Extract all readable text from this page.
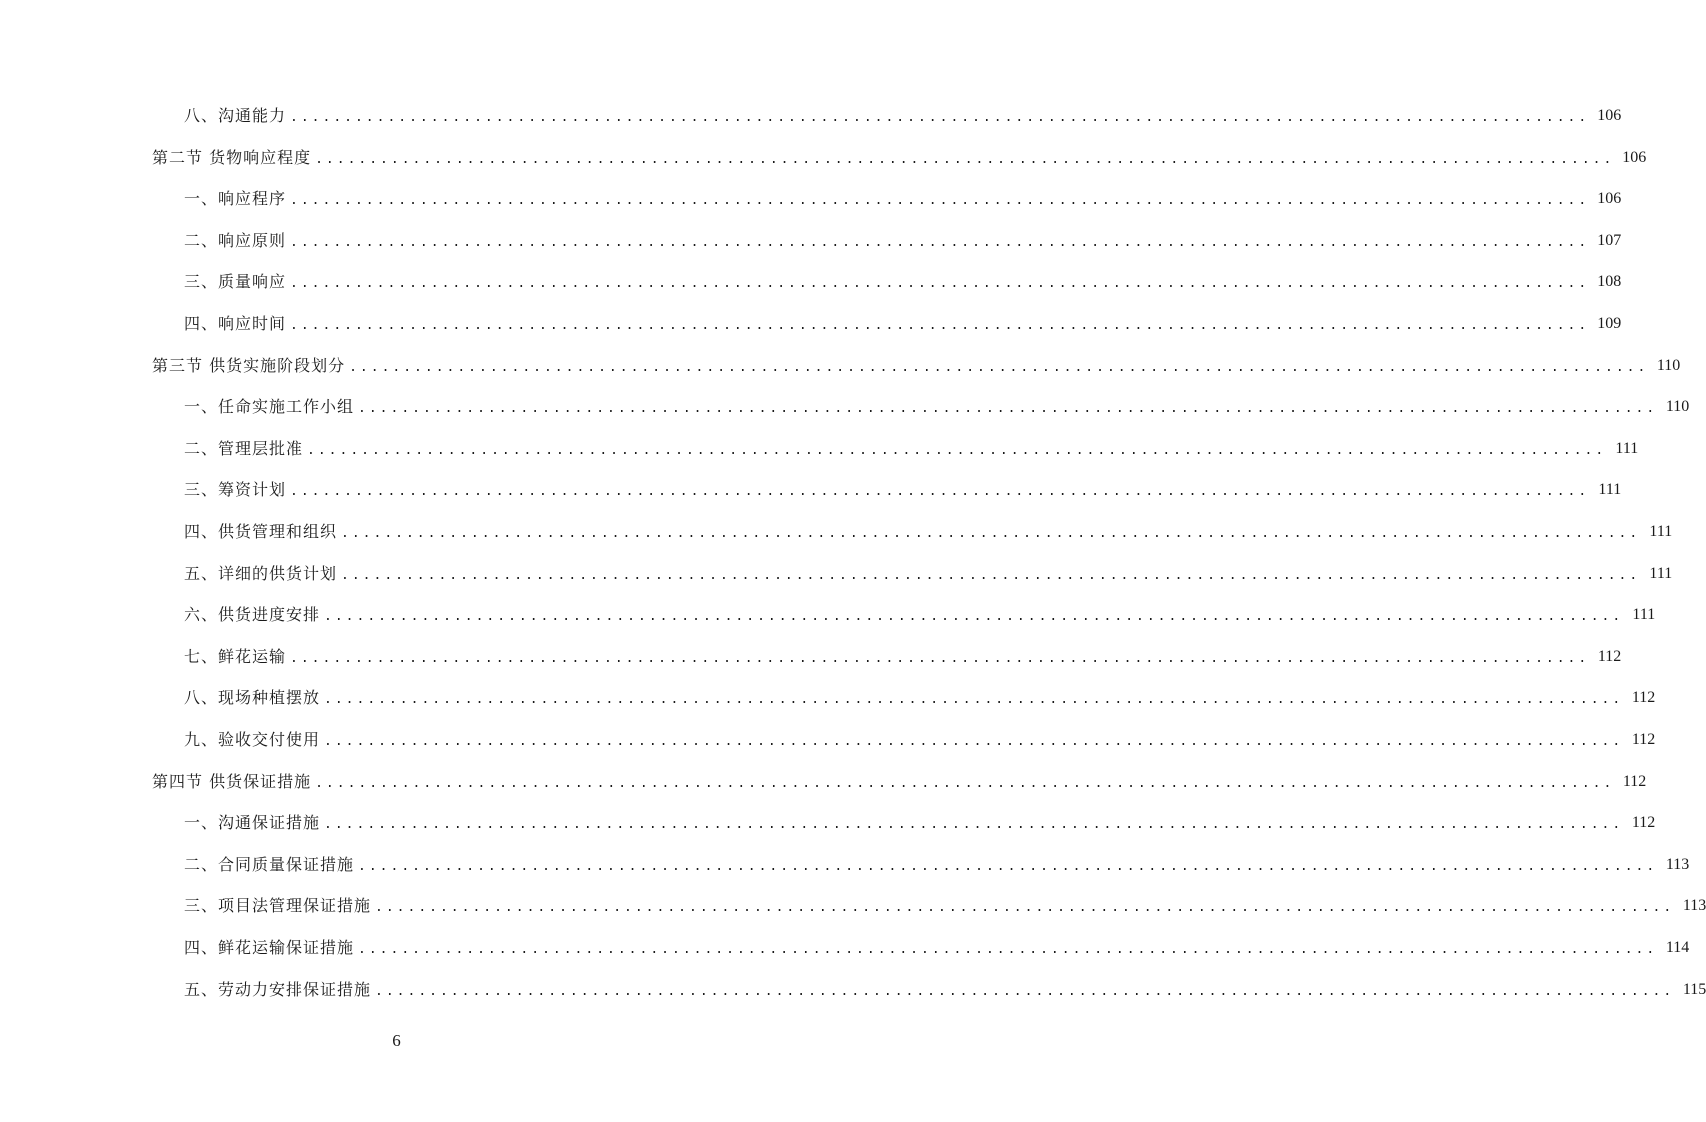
八、沟通能力 ........................................................................................................................ 106
第二节 货物响应程度 ........................................................................................................................ 106
一、响应程序 ........................................................................................................................ 106
二、响应原则 ........................................................................................................................ 107
三、质量响应 ........................................................................................................................ 108
四、响应时间 ........................................................................................................................ 109
第三节 供货实施阶段划分 ........................................................................................................................ 110
一、任命实施工作小组 ........................................................................................................................ 110
二、管理层批准 ........................................................................................................................ 111
三、筹资计划 ........................................................................................................................ 111
四、供货管理和组织 ........................................................................................................................ 111
五、详细的供货计划 ........................................................................................................................ 111
六、供货进度安排 ........................................................................................................................ 111
七、鲜花运输 ........................................................................................................................ 112
八、现场种植摆放 ........................................................................................................................ 112
九、验收交付使用 ........................................................................................................................ 112
第四节 供货保证措施 ........................................................................................................................ 112
一、沟通保证措施 ........................................................................................................................ 112
二、合同质量保证措施 ........................................................................................................................ 113
三、项目法管理保证措施 ........................................................................................................................ 113
四、鲜花运输保证措施 ........................................................................................................................ 114
五、劳动力安排保证措施 ........................................................................................................................ 115
6
